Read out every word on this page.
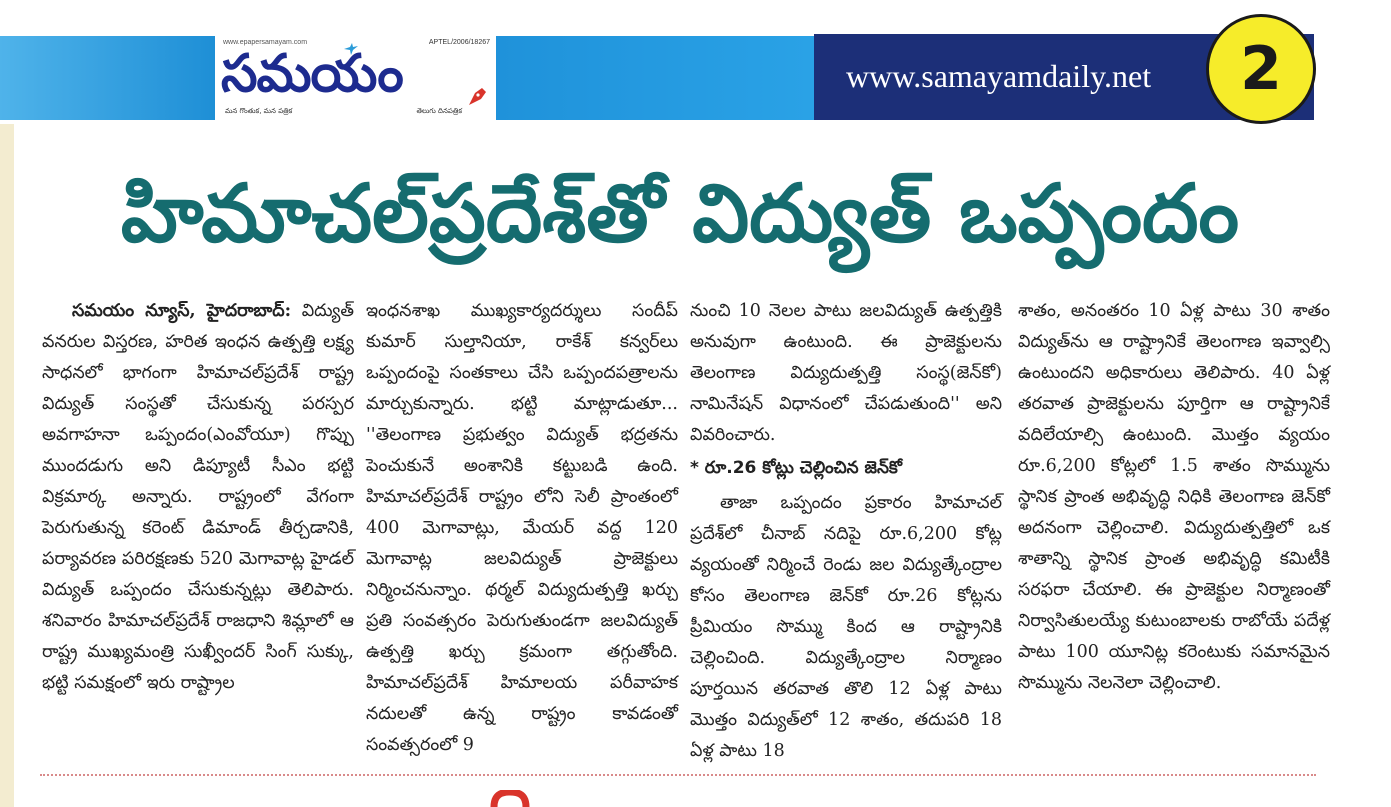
www.epapersamayam.com	APTEL/2006/18267
సమయం
మన గొంతుక, మన పత్రిక	తెలుగు దినపత్రిక
www.samayamdaily.net 2
హిమాచల్‌ప్రదేశ్‌తో విద్యుత్ ఒప్పందం
సమయం న్యూస్, హైదరాబాద్: విద్యుత్ వనరుల విస్తరణ, హరిత ఇంధన ఉత్పత్తి లక్ష్య సాధనలో భాగంగా హిమాచల్‌ప్రదేశ్ రాష్ట్ర విద్యుత్ సంస్థతో చేసుకున్న పరస్పర అవగాహనా ఒప్పందం(ఎంవోయూ) గొప్పు ముందడుగు అని డిప్యూటీ సీఎం భట్టి విక్రమార్క అన్నారు. రాష్ట్రంలో వేగంగా పెరుగుతున్న కరెంట్ డిమాండ్ తీర్చడానికి, పర్యావరణ పరిరక్షణకు 520 మెగావాట్ల హైడల్ విద్యుత్ ఒప్పందం చేసుకున్నట్లు తెలిపారు. శనివారం హిమాచల్‌ప్రదేశ్ రాజధాని శిమ్లాలో ఆ రాష్ట్ర ముఖ్యమంత్రి సుఖ్వీందర్ సింగ్ సుక్కు, భట్టి సమక్షంలో ఇరు రాష్ట్రాల
ఇంధనశాఖ ముఖ్యకార్యదర్శులు సందీప్ కుమార్ సుల్తానియా, రాకేశ్ కన్వర్‌లు ఒప్పందంపై సంతకాలు చేసి ఒప్పందపత్రాలను మార్చుకున్నారు. భట్టి మాట్లాడుతూ... ''తెలంగాణ ప్రభుత్వం విద్యుత్ భద్రతను పెంచుకునే అంశానికి కట్టుబడి ఉంది. హిమాచల్‌ప్రదేశ్ రాష్ట్రం లోని సెలీ ప్రాంతంలో 400 మెగావాట్లు, మేయర్ వద్ద 120 మెగావాట్ల జలవిద్యుత్ ప్రాజెక్టులు నిర్మించనున్నాం. థర్మల్ విద్యుదుత్పత్తి ఖర్చు ప్రతి సంవత్సరం పెరుగుతుండగా జలవిద్యుత్ ఉత్పత్తి ఖర్చు క్రమంగా తగ్గుతోంది. హిమాచల్‌ప్రదేశ్ హిమాలయ పరీవాహక నదులతో ఉన్న రాష్ట్రం కావడంతో సంవత్సరంలో 9
నుంచి 10 నెలల పాటు జలవిద్యుత్ ఉత్పత్తికి అనువుగా ఉంటుంది. ఈ ప్రాజెక్టులను తెలంగాణ విద్యుదుత్పత్తి సంస్థ(జెన్‌కో) నామినేషన్ విధానంలో చేపడుతుంది'' అని వివరించారు.
* రూ.26 కోట్లు చెల్లించిన జెన్‌కో
తాజా ఒప్పందం ప్రకారం హిమాచల్ ప్రదేశ్‌లో చీనాబ్ నదిపై రూ.6,200 కోట్ల వ్యయంతో నిర్మించే రెండు జల విద్యుత్కేంద్రాల కోసం తెలంగాణ జెన్‌కో రూ.26 కోట్లను ప్రీమియం సొమ్ము కింద ఆ రాష్ట్రానికి చెల్లించింది. విద్యుత్కేంద్రాల నిర్మాణం పూర్తయిన తరవాత తొలి 12 ఏళ్ల పాటు మొత్తం విద్యుత్‌లో 12 శాతం, తదుపరి 18 ఏళ్ల పాటు 18
శాతం, అనంతరం 10 ఏళ్ల పాటు 30 శాతం విద్యుత్‌ను ఆ రాష్ట్రానికే తెలంగాణ ఇవ్వాల్సి ఉంటుందని అధికారులు తెలిపారు. 40 ఏళ్ల తరవాత ప్రాజెక్టులను పూర్తిగా ఆ రాష్ట్రానికే వదిలేయాల్సి ఉంటుంది. మొత్తం వ్యయం రూ.6,200 కోట్లలో 1.5 శాతం సొమ్మును స్థానిక ప్రాంత అభివృద్ధి నిధికి తెలంగాణ జెన్‌కో అదనంగా చెల్లించాలి. విద్యుదుత్పత్తిలో ఒక శాతాన్ని స్థానిక ప్రాంత అభివృద్ధి కమిటీకి సరఫరా చేయాలి. ఈ ప్రాజెక్టుల నిర్మాణంతో నిర్వాసితులయ్యే కుటుంబాలకు రాబోయే పదేళ్ల పాటు 100 యూనిట్ల కరెంటుకు సమానమైన సొమ్మును నెలనెలా చెల్లించాలి.
